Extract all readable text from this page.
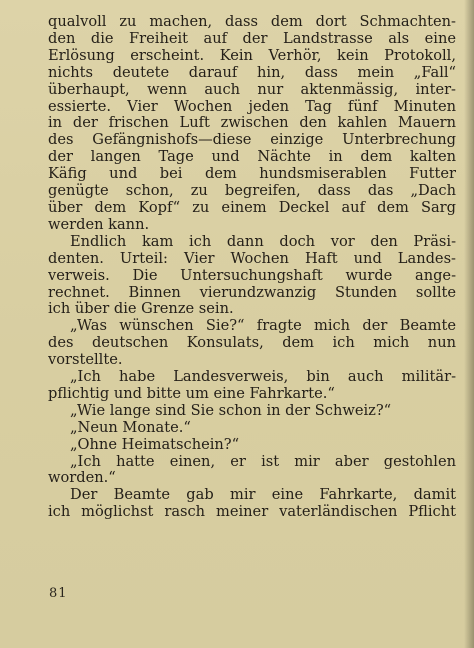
qualvoll zu machen, dass dem dort Schmachten-
den die Freiheit auf der Landstrasse als eine
Erlösung erscheint. Kein Verhör, kein Protokoll,
nichts deutete darauf hin, dass mein „Fall“
überhaupt, wenn auch nur aktenmässig, inter-
essierte. Vier Wochen jeden Tag fünf Minuten
in der frischen Luft zwischen den kahlen Mauern
des Gefängnishofs—diese einzige Unterbrechung
der langen Tage und Nächte in dem kalten
Käfig und bei dem hundsmiserablen Futter
genügte schon, zu begreifen, dass das „Dach
über dem Kopf“ zu einem Deckel auf dem Sarg
werden kann.
Endlich kam ich dann doch vor den Präsi-
denten. Urteil: Vier Wochen Haft und Landes-
verweis. Die Untersuchungshaft wurde ange-
rechnet. Binnen vierundzwanzig Stunden sollte
ich über die Grenze sein.
„Was wünschen Sie?“ fragte mich der Beamte
des deutschen Konsulats, dem ich mich nun
vorstellte.
„Ich habe Landesverweis, bin auch militär-
pflichtig und bitte um eine Fahrkarte.“
„Wie lange sind Sie schon in der Schweiz?“
„Neun Monate.“
„Ohne Heimatschein?“
„Ich hatte einen, er ist mir aber gestohlen
worden.“
Der Beamte gab mir eine Fahrkarte, damit
ich möglichst rasch meiner vaterländischen Pflicht
81
